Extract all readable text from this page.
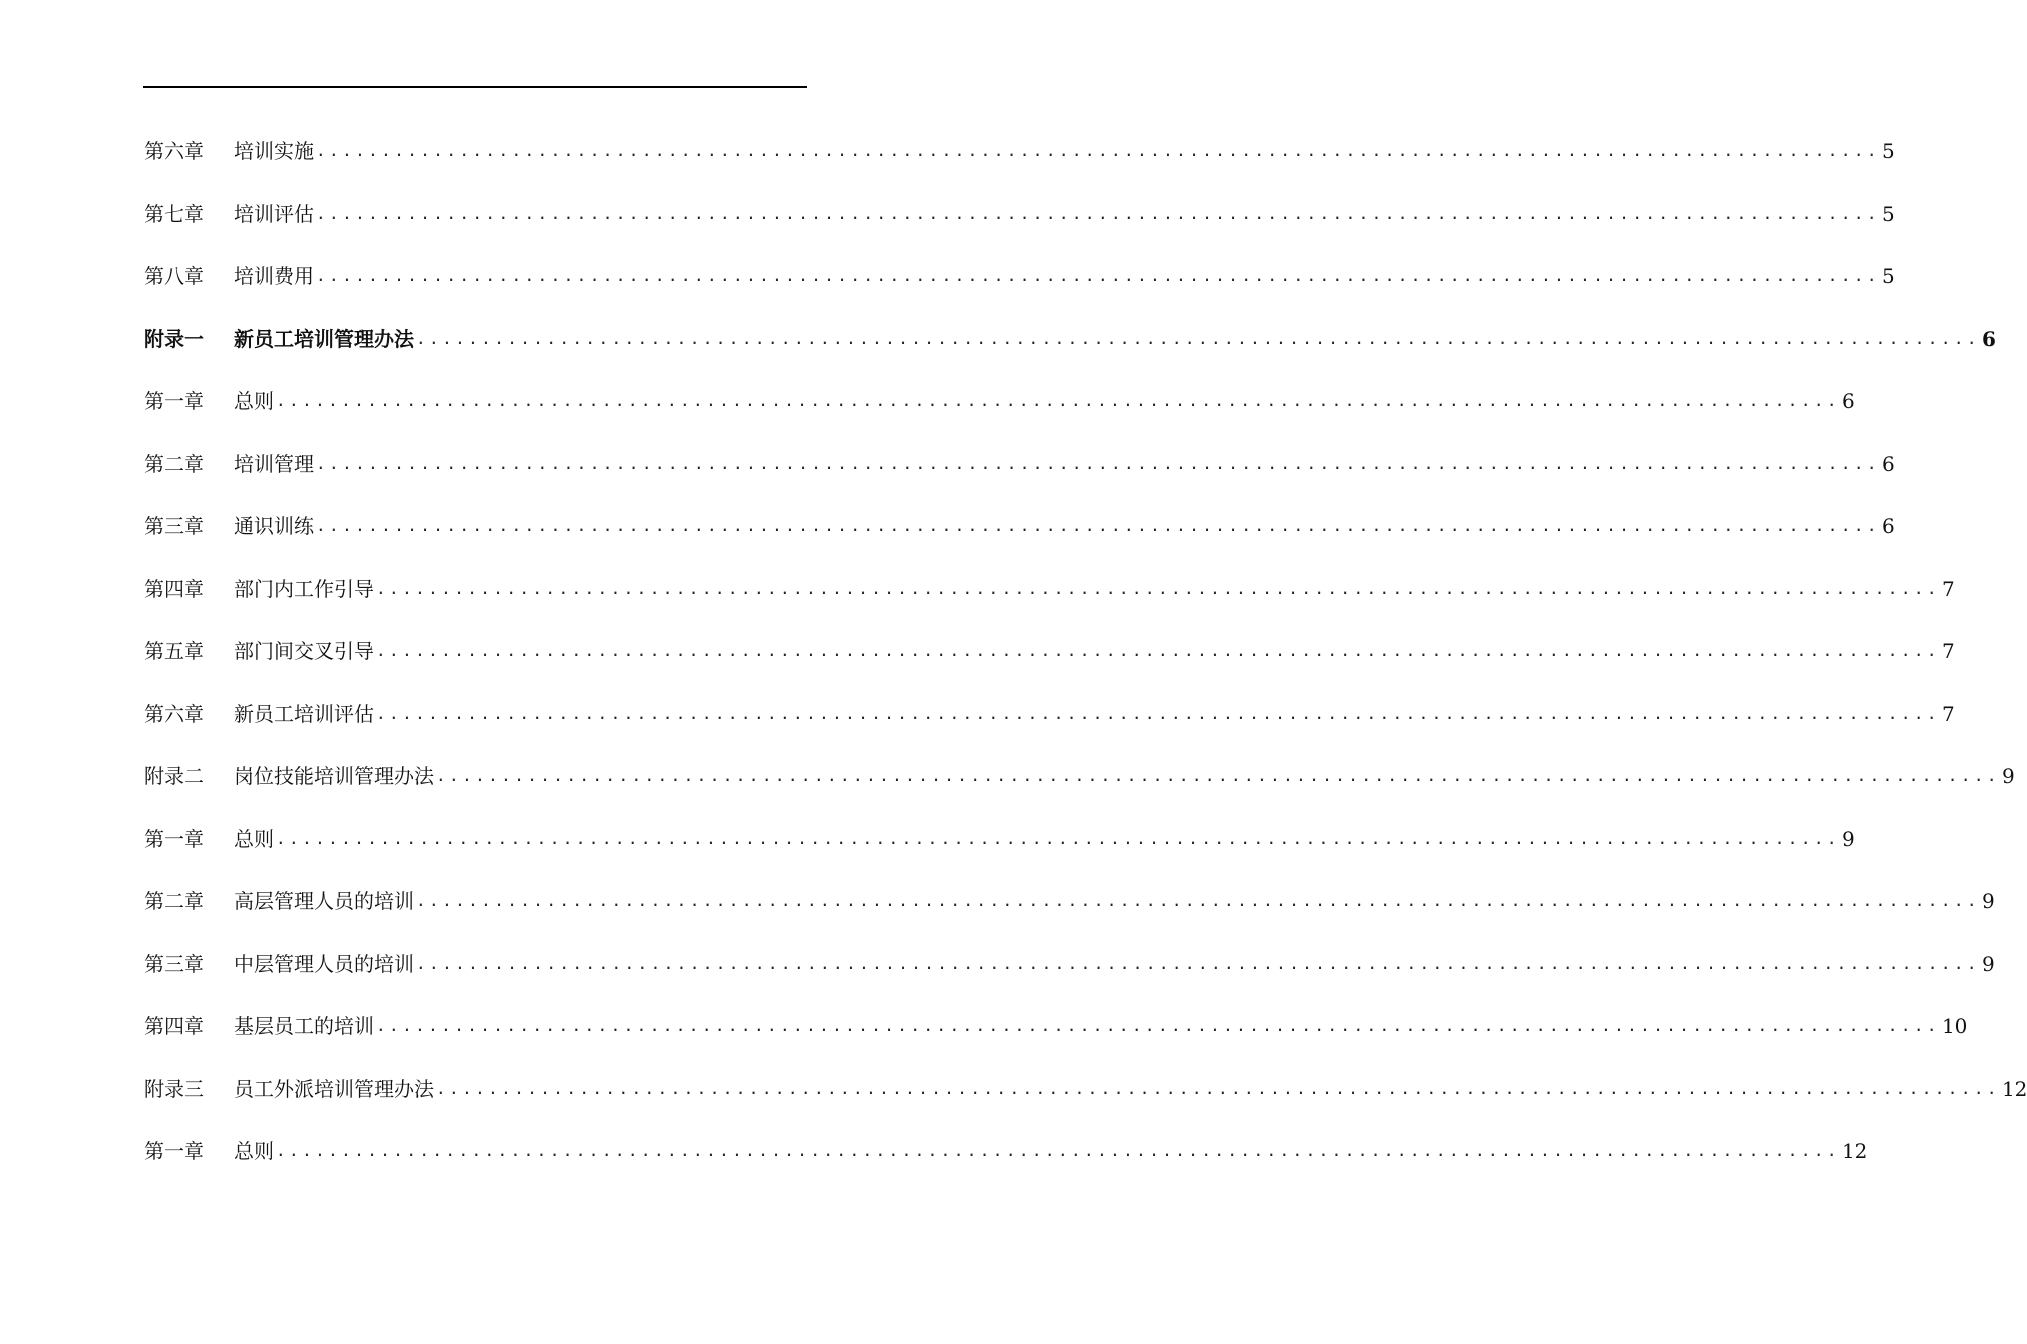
第六章	培训实施 ........................................................................................................................ 5
第七章	培训评估 ........................................................................................................................ 5
第八章	培训费用 ........................................................................................................................ 5
附录一	新员工培训管理办法 ........................................................................................................................ 6
第一章	总则 ........................................................................................................................ 6
第二章	培训管理 ........................................................................................................................ 6
第三章	通识训练 ........................................................................................................................ 6
第四章	部门内工作引导 ........................................................................................................................ 7
第五章	部门间交叉引导 ........................................................................................................................ 7
第六章	新员工培训评估 ........................................................................................................................ 7
附录二	岗位技能培训管理办法 ........................................................................................................................ 9
第一章	总则 ........................................................................................................................ 9
第二章	高层管理人员的培训 ........................................................................................................................ 9
第三章	中层管理人员的培训 ........................................................................................................................ 9
第四章	基层员工的培训 ........................................................................................................................ 10
附录三	员工外派培训管理办法 ........................................................................................................................ 12
第一章	总则 ........................................................................................................................ 12
